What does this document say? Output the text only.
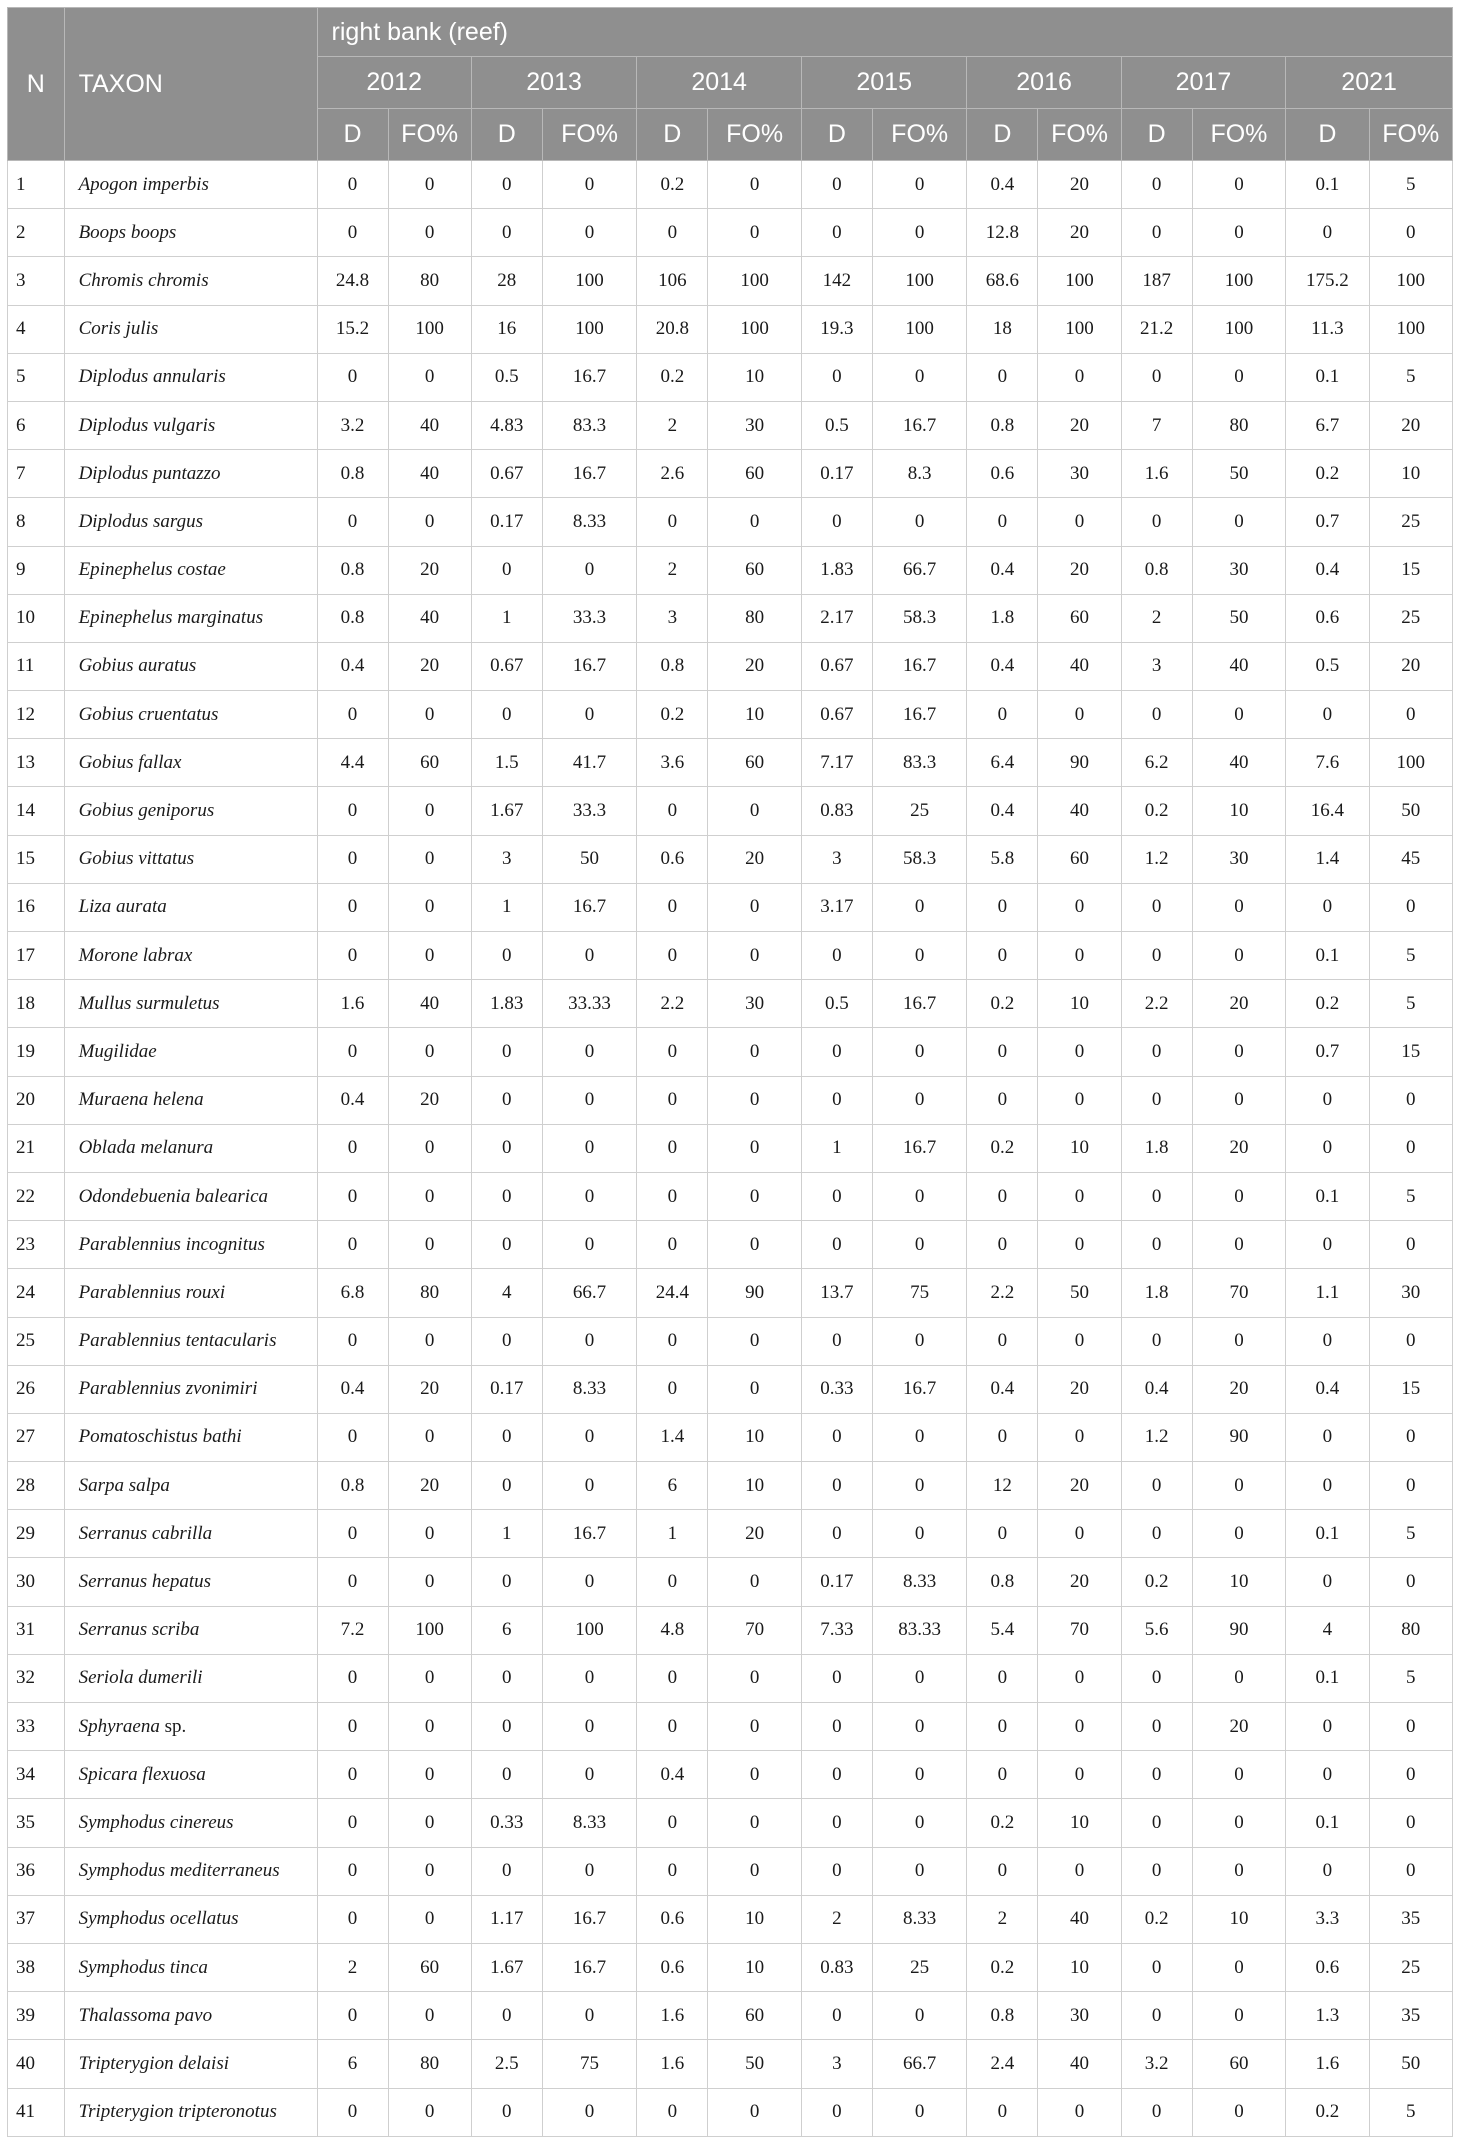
N	TAXON	right bank (reef)													
		2012		2013		2014		2015		2016		2017		2021	
		D	FO%	D	FO%	D	FO%	D	FO%	D	FO%	D	FO%	D	FO%
1	Apogon imperbis	0	0	0	0	0.2	0	0	0	0.4	20	0	0	0.1	5
2	Boops boops	0	0	0	0	0	0	0	0	12.8	20	0	0	0	0
3	Chromis chromis	24.8	80	28	100	106	100	142	100	68.6	100	187	100	175.2	100
4	Coris julis	15.2	100	16	100	20.8	100	19.3	100	18	100	21.2	100	11.3	100
5	Diplodus annularis	0	0	0.5	16.7	0.2	10	0	0	0	0	0	0	0.1	5
6	Diplodus vulgaris	3.2	40	4.83	83.3	2	30	0.5	16.7	0.8	20	7	80	6.7	20
7	Diplodus puntazzo	0.8	40	0.67	16.7	2.6	60	0.17	8.3	0.6	30	1.6	50	0.2	10
8	Diplodus sargus	0	0	0.17	8.33	0	0	0	0	0	0	0	0	0.7	25
9	Epinephelus costae	0.8	20	0	0	2	60	1.83	66.7	0.4	20	0.8	30	0.4	15
10	Epinephelus marginatus	0.8	40	1	33.3	3	80	2.17	58.3	1.8	60	2	50	0.6	25
11	Gobius auratus	0.4	20	0.67	16.7	0.8	20	0.67	16.7	0.4	40	3	40	0.5	20
12	Gobius cruentatus	0	0	0	0	0.2	10	0.67	16.7	0	0	0	0	0	0
13	Gobius fallax	4.4	60	1.5	41.7	3.6	60	7.17	83.3	6.4	90	6.2	40	7.6	100
14	Gobius geniporus	0	0	1.67	33.3	0	0	0.83	25	0.4	40	0.2	10	16.4	50
15	Gobius vittatus	0	0	3	50	0.6	20	3	58.3	5.8	60	1.2	30	1.4	45
16	Liza aurata	0	0	1	16.7	0	0	3.17	0	0	0	0	0	0	0
17	Morone labrax	0	0	0	0	0	0	0	0	0	0	0	0	0.1	5
18	Mullus surmuletus	1.6	40	1.83	33.33	2.2	30	0.5	16.7	0.2	10	2.2	20	0.2	5
19	Mugilidae	0	0	0	0	0	0	0	0	0	0	0	0	0.7	15
20	Muraena helena	0.4	20	0	0	0	0	0	0	0	0	0	0	0	0
21	Oblada melanura	0	0	0	0	0	0	1	16.7	0.2	10	1.8	20	0	0
22	Odondebuenia balearica	0	0	0	0	0	0	0	0	0	0	0	0	0.1	5
23	Parablennius incognitus	0	0	0	0	0	0	0	0	0	0	0	0	0	0
24	Parablennius rouxi	6.8	80	4	66.7	24.4	90	13.7	75	2.2	50	1.8	70	1.1	30
25	Parablennius tentacularis	0	0	0	0	0	0	0	0	0	0	0	0	0	0
26	Parablennius zvonimiri	0.4	20	0.17	8.33	0	0	0.33	16.7	0.4	20	0.4	20	0.4	15
27	Pomatoschistus bathi	0	0	0	0	1.4	10	0	0	0	0	1.2	90	0	0
28	Sarpa salpa	0.8	20	0	0	6	10	0	0	12	20	0	0	0	0
29	Serranus cabrilla	0	0	1	16.7	1	20	0	0	0	0	0	0	0.1	5
30	Serranus hepatus	0	0	0	0	0	0	0.17	8.33	0.8	20	0.2	10	0	0
31	Serranus scriba	7.2	100	6	100	4.8	70	7.33	83.33	5.4	70	5.6	90	4	80
32	Seriola dumerili	0	0	0	0	0	0	0	0	0	0	0	0	0.1	5
33	Sphyraena sp.	0	0	0	0	0	0	0	0	0	0	0	20	0	0
34	Spicara flexuosa	0	0	0	0	0.4	0	0	0	0	0	0	0	0	0
35	Symphodus cinereus	0	0	0.33	8.33	0	0	0	0	0.2	10	0	0	0.1	0
36	Symphodus mediterraneus	0	0	0	0	0	0	0	0	0	0	0	0	0	0
37	Symphodus ocellatus	0	0	1.17	16.7	0.6	10	2	8.33	2	40	0.2	10	3.3	35
38	Symphodus tinca	2	60	1.67	16.7	0.6	10	0.83	25	0.2	10	0	0	0.6	25
39	Thalassoma pavo	0	0	0	0	1.6	60	0	0	0.8	30	0	0	1.3	35
40	Tripterygion delaisi	6	80	2.5	75	1.6	50	3	66.7	2.4	40	3.2	60	1.6	50
41	Tripterygion tripteronotus	0	0	0	0	0	0	0	0	0	0	0	0	0.2	5
